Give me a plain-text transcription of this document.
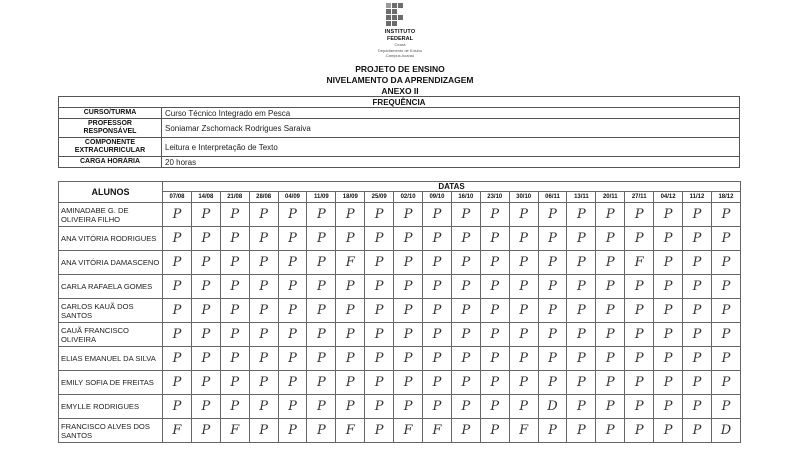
INSTITUTO
FEDERAL
Ceará
Departamento de Ensino
Campus Acaraú
PROJETO DE ENSINO
NIVELAMENTO DA APRENDIZAGEM
ANEXO II
FREQUÊNCIA	
CURSO/TURMA	Curso Técnico Integrado em Pesca
PROFESSOR RESPONSÁVEL	Soniamar Zschornack Rodrigues Saraiva
COMPONENTE EXTRACURRICULAR	Leitura e Interpretação de Texto
CARGA HORÁRIA	20 horas
ALUNOS	DATAS																			
	07/08	14/08	21/08	28/08	04/09	11/09	18/09	25/09	02/10	09/10	16/10	23/10	30/10	06/11	13/11	20/11	27/11	04/12	11/12	18/12
AMINADABE G. DE OLIVEIRA FILHO	P	P	P	P	P	P	P	P	P	P	P	P	P	P	P	P	P	P	P	P
ANA VITÓRIA RODRIGUES	P	P	P	P	P	P	P	P	P	P	P	P	P	P	P	P	P	P	P	P
ANA VITÓRIA DAMASCENO	P	P	P	P	P	P	F	P	P	P	P	P	P	P	P	P	F	P	P	P
CARLA RAFAELA GOMES	P	P	P	P	P	P	P	P	P	P	P	P	P	P	P	P	P	P	P	P
CARLOS KAUÃ DOS SANTOS	P	P	P	P	P	P	P	P	P	P	P	P	P	P	P	P	P	P	P	P
CAUÃ FRANCISCO OLIVEIRA	P	P	P	P	P	P	P	P	P	P	P	P	P	P	P	P	P	P	P	P
ELIAS EMANUEL DA SILVA	P	P	P	P	P	P	P	P	P	P	P	P	P	P	P	P	P	P	P	P
EMILY SOFIA DE FREITAS	P	P	P	P	P	P	P	P	P	P	P	P	P	P	P	P	P	P	P	P
EMYLLE RODRIGUES	P	P	P	P	P	P	P	P	P	P	P	P	P	D	P	P	P	P	P	P
FRANCISCO ALVES DOS SANTOS	F	P	F	P	P	P	F	P	F	F	P	P	F	P	P	P	P	P	P	D
